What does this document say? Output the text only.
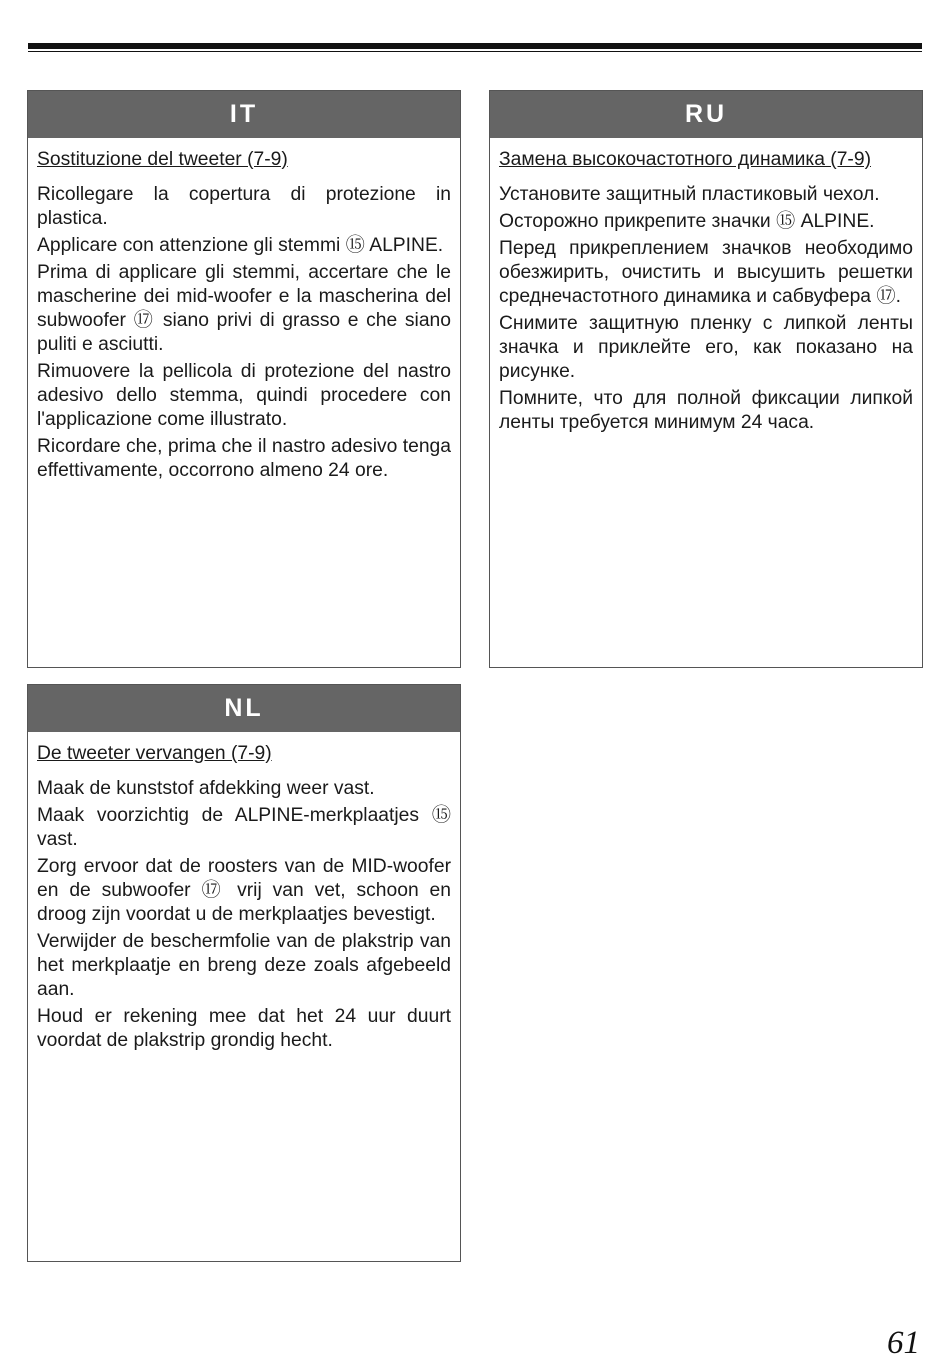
IT

Sostituzione del tweeter (7-9)

Ricollegare la copertura di protezione in plastica.

Applicare con attenzione gli stemmi ⑮ ALPINE.

Prima di applicare gli stemmi, accertare che le mascherine dei mid-woofer e la mascherina del subwoofer ⑰ siano privi di grasso e che siano puliti e asciutti.

Rimuovere la pellicola di protezione del nastro adesivo dello stemma, quindi procedere con l'applicazione come illustrato.

Ricordare che, prima che il nastro adesivo tenga effettivamente, occorrono almeno 24 ore.

RU

Замена высокочастотного динамика (7-9)

Установите защитный пластиковый чехол.

Осторожно прикрепите значки ⑮ ALPINE.

Перед прикреплением значков необходимо обезжирить, очистить и высушить решетки среднечастотного динамика и сабвуфера ⑰.

Снимите защитную пленку с липкой ленты значка и приклейте его, как показано на рисунке.

Помните, что для полной фиксации липкой ленты требуется минимум 24 часа.

NL

De tweeter vervangen (7-9)

Maak de kunststof afdekking weer vast.

Maak voorzichtig de ALPINE-merkplaatjes ⑮ vast.

Zorg ervoor dat de roosters van de MID-woofer en de subwoofer ⑰ vrij van vet, schoon en droog zijn voordat u de merkplaatjes bevestigt.

Verwijder de beschermfolie van de plakstrip van het merkplaatje en breng deze zoals afgebeeld aan.

Houd er rekening mee dat het 24 uur duurt voordat de plakstrip grondig hecht.

61
